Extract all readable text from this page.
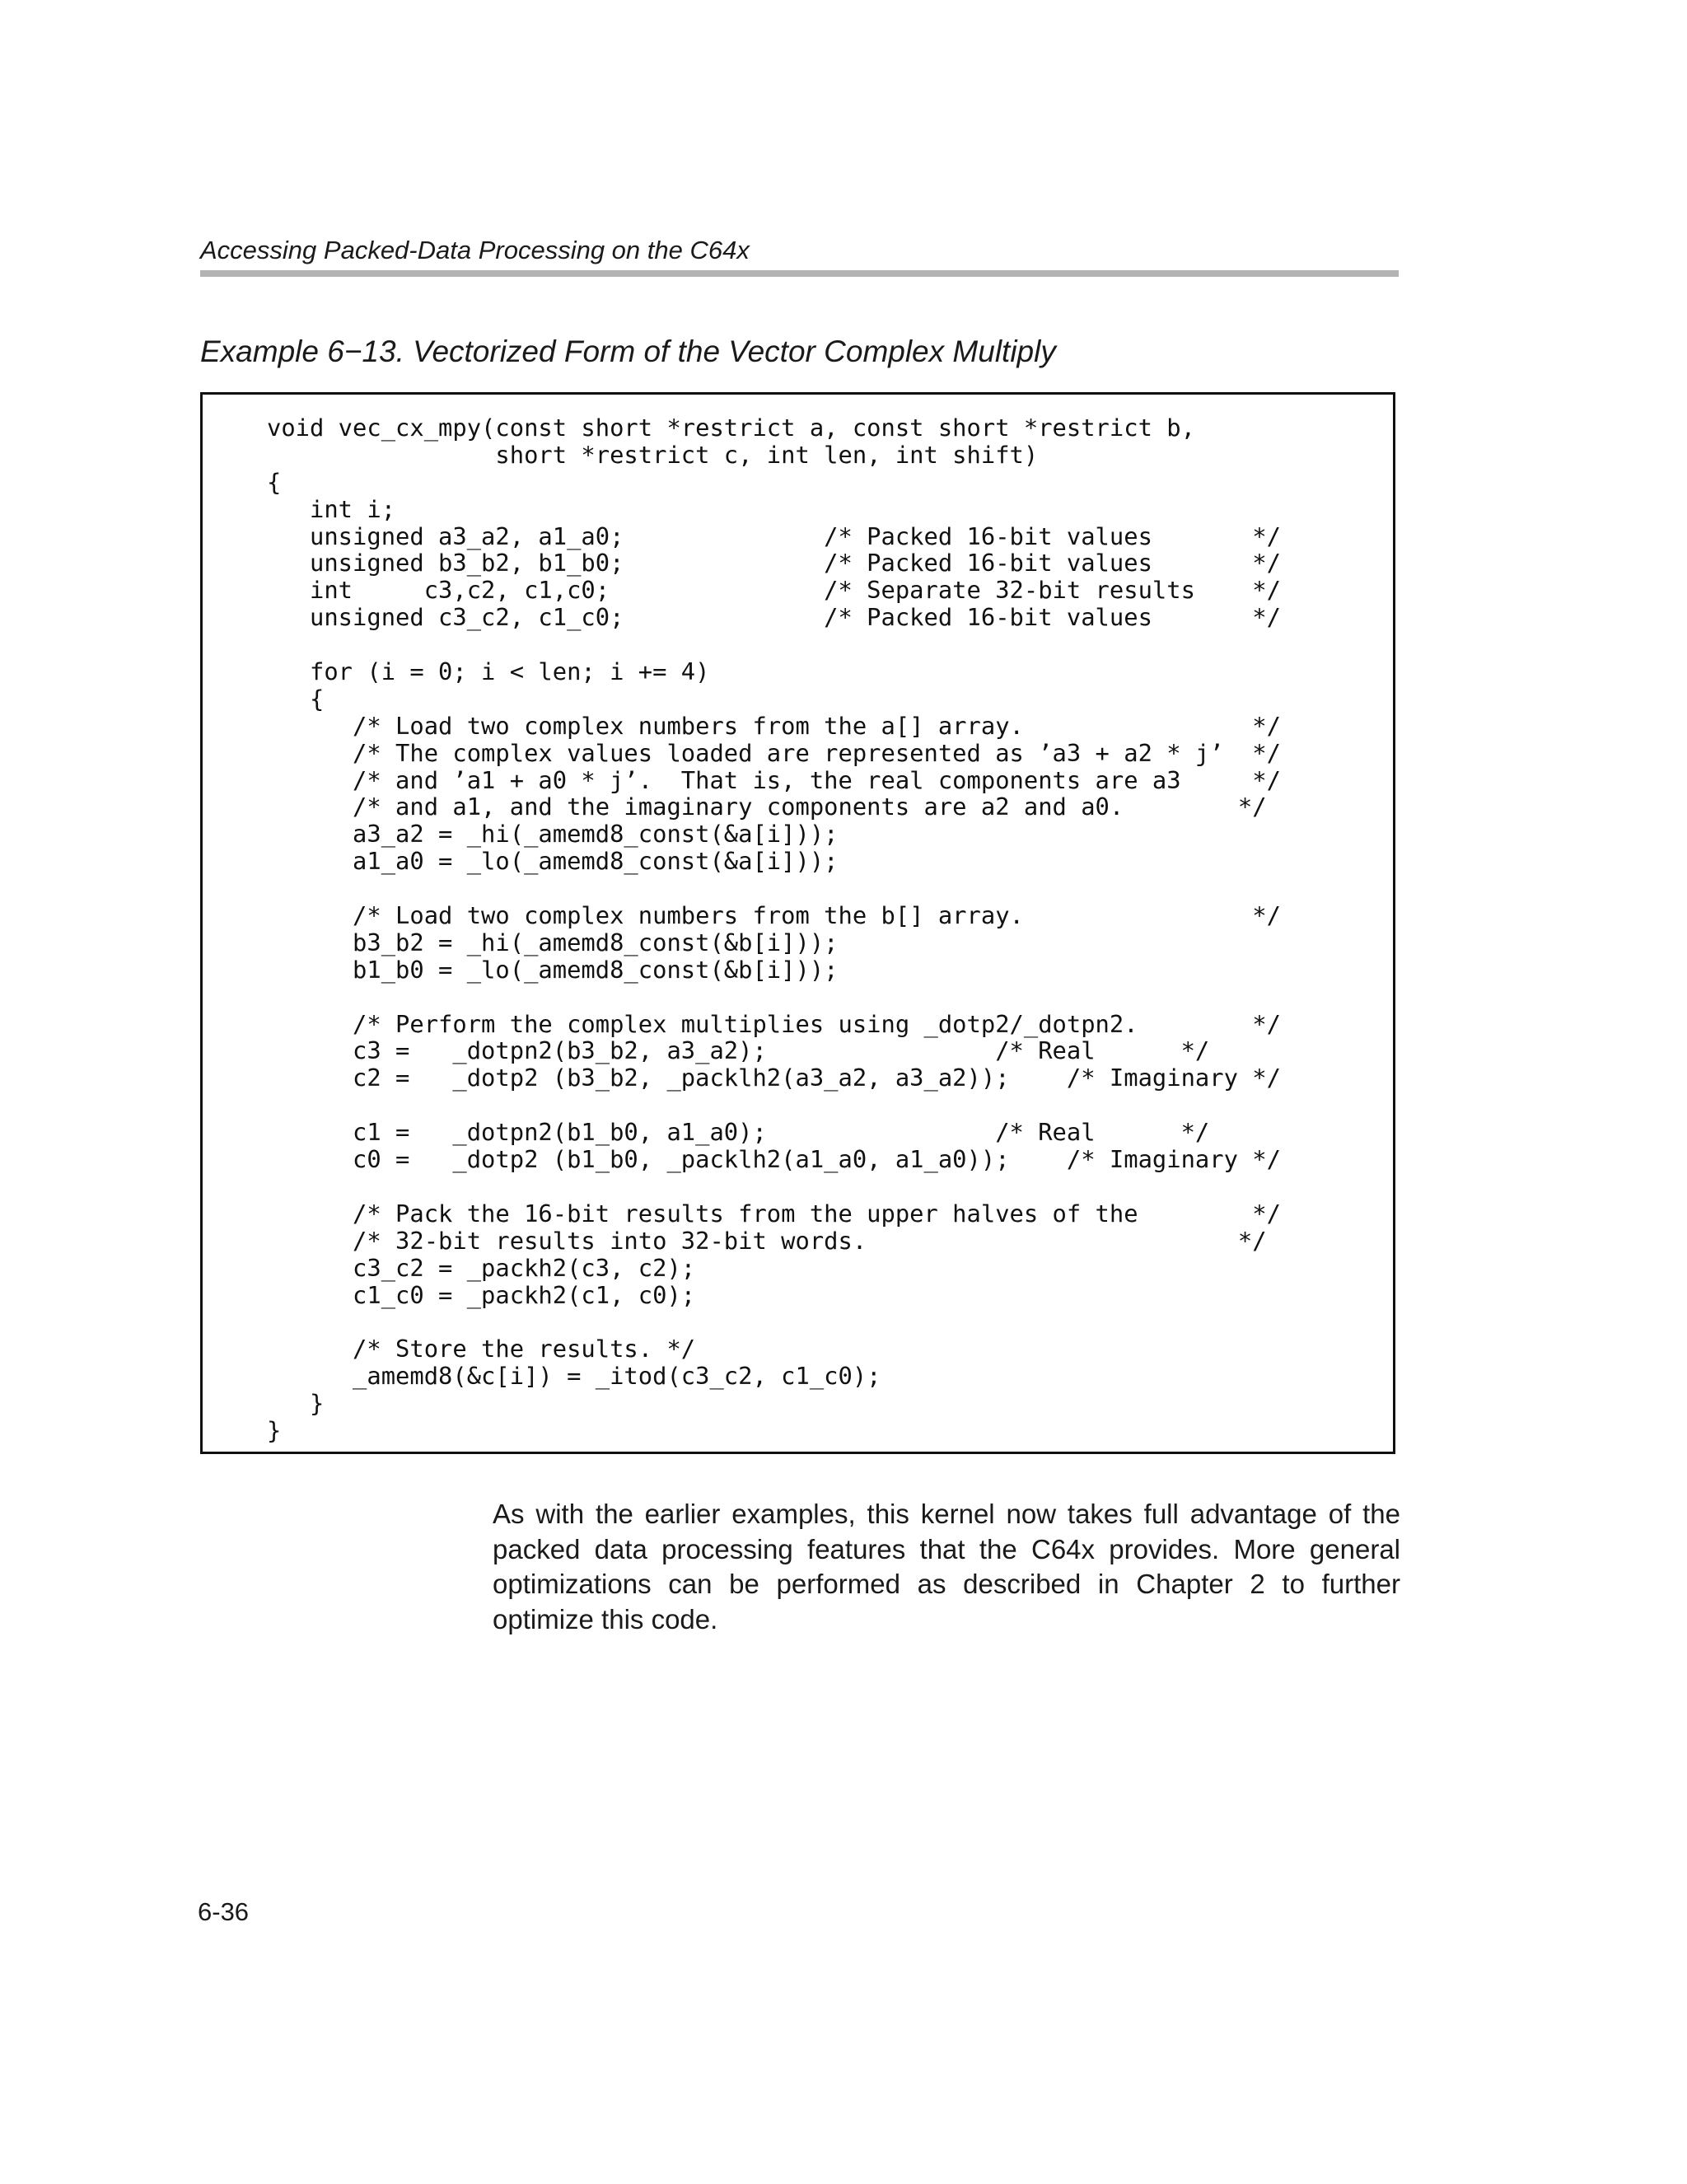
Accessing Packed-Data Processing on the C64x
Example 6−13. Vectorized Form of the Vector Complex Multiply
void vec_cx_mpy(const short *restrict a, const short *restrict b,
short *restrict c, int len, int shift)
{
int i;
unsigned a3_a2, a1_a0;              /* Packed 16-bit values       */
unsigned b3_b2, b1_b0;              /* Packed 16-bit values       */
int     c3,c2, c1,c0;               /* Separate 32-bit results    */
unsigned c3_c2, c1_c0;              /* Packed 16-bit values       */
for (i = 0; i < len; i += 4)
{
/* Load two complex numbers from the a[] array.                */
/* The complex values loaded are represented as ’a3 + a2 * j’  */
/* and ’a1 + a0 * j’.  That is, the real components are a3     */
/* and a1, and the imaginary components are a2 and a0.        */
a3_a2 = _hi(_amemd8_const(&a[i]));
a1_a0 = _lo(_amemd8_const(&a[i]));
/* Load two complex numbers from the b[] array.                */
b3_b2 = _hi(_amemd8_const(&b[i]));
b1_b0 = _lo(_amemd8_const(&b[i]));
/* Perform the complex multiplies using _dotp2/_dotpn2.        */
c3 =   _dotpn2(b3_b2, a3_a2);                /* Real      */
c2 =   _dotp2 (b3_b2, _packlh2(a3_a2, a3_a2));    /* Imaginary */
c1 =   _dotpn2(b1_b0, a1_a0);                /* Real      */
c0 =   _dotp2 (b1_b0, _packlh2(a1_a0, a1_a0));    /* Imaginary */
/* Pack the 16-bit results from the upper halves of the        */
/* 32-bit results into 32-bit words.                          */
c3_c2 = _packh2(c3, c2);
c1_c0 = _packh2(c1, c0);
/* Store the results. */
_amemd8(&c[i]) = _itod(c3_c2, c1_c0);
}
}

As with the earlier examples, this kernel now takes full advantage of the packed data processing features that the C64x provides. More general optimizations can be performed as described in Chapter 2 to further optimize this code.

6-36
